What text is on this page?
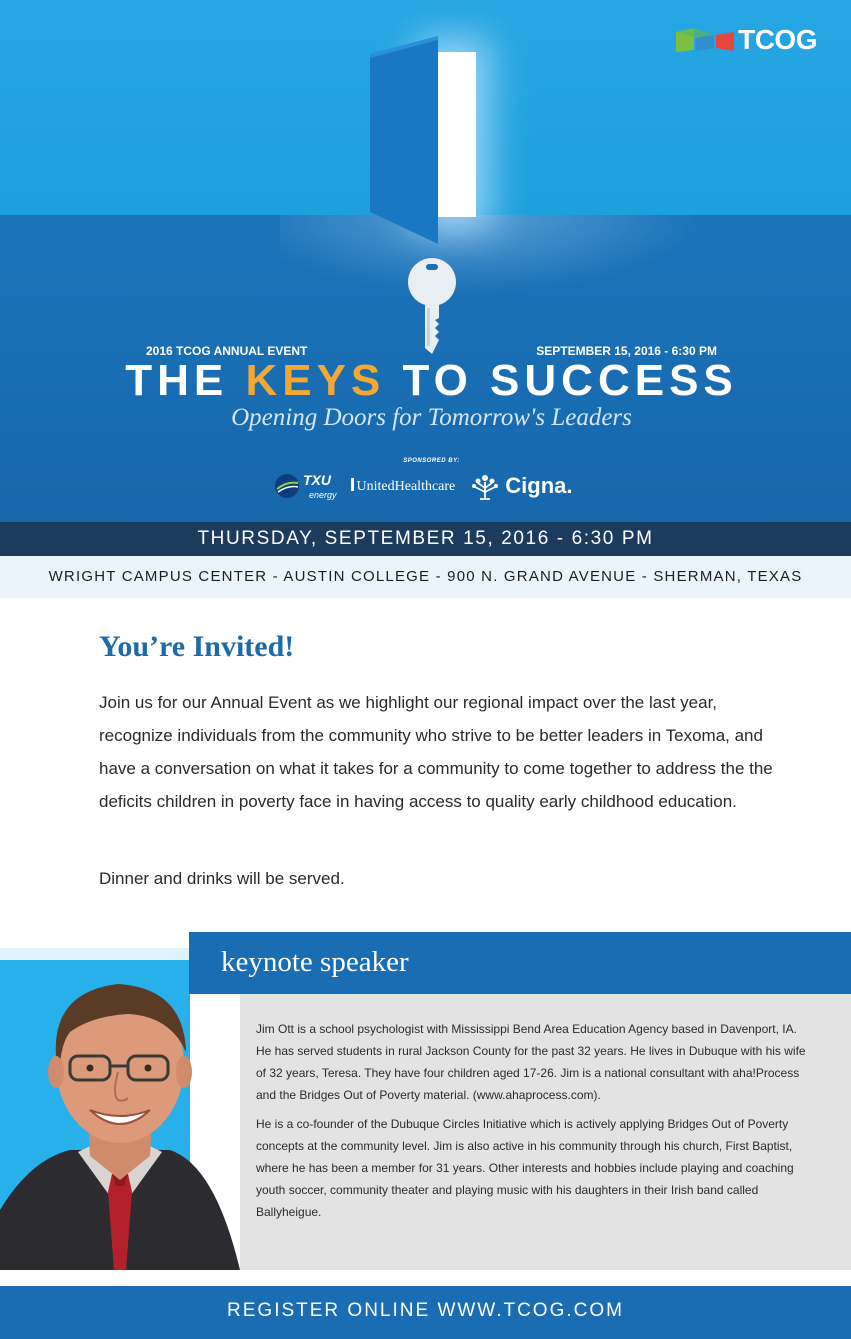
TCOG
2016 TCOG ANNUAL EVENT	SEPTEMBER 15, 2016 - 6:30 PM
THE KEYS TO SUCCESS
Opening Doors for Tomorrow's Leaders
SPONSORED BY:
TXU
energy
UnitedHealthcare Cigna.
THURSDAY, SEPTEMBER 15, 2016 - 6:30 PM
WRIGHT CAMPUS CENTER - AUSTIN COLLEGE - 900 N. GRAND AVENUE - SHERMAN, TEXAS
You’re Invited!

Join us for our Annual Event as we highlight our regional impact over the last year, recognize individuals from the community who strive to be better leaders in Texoma, and have a conversation on what it takes for a community to come together to address the the deficits children in poverty face in having access to quality early childhood education.

Dinner and drinks will be served.

keynote speaker

Jim Ott is a school psychologist with Mississippi Bend Area Education Agency based in Davenport, IA. He has served students in rural Jackson County for the past 32 years. He lives in Dubuque with his wife of 32 years, Teresa. They have four children aged 17-26. Jim is a national consultant with aha!Process and the Bridges Out of Poverty material. (www.ahaprocess.com).

He is a co-founder of the Dubuque Circles Initiative which is actively applying Bridges Out of Poverty concepts at the community level. Jim is also active in his community through his church, First Baptist, where he has been a member for 31 years. Other interests and hobbies include playing and coaching youth soccer, community theater and playing music with his daughters in their Irish band called Ballyheigue.

REGISTER ONLINE WWW.TCOG.COM
